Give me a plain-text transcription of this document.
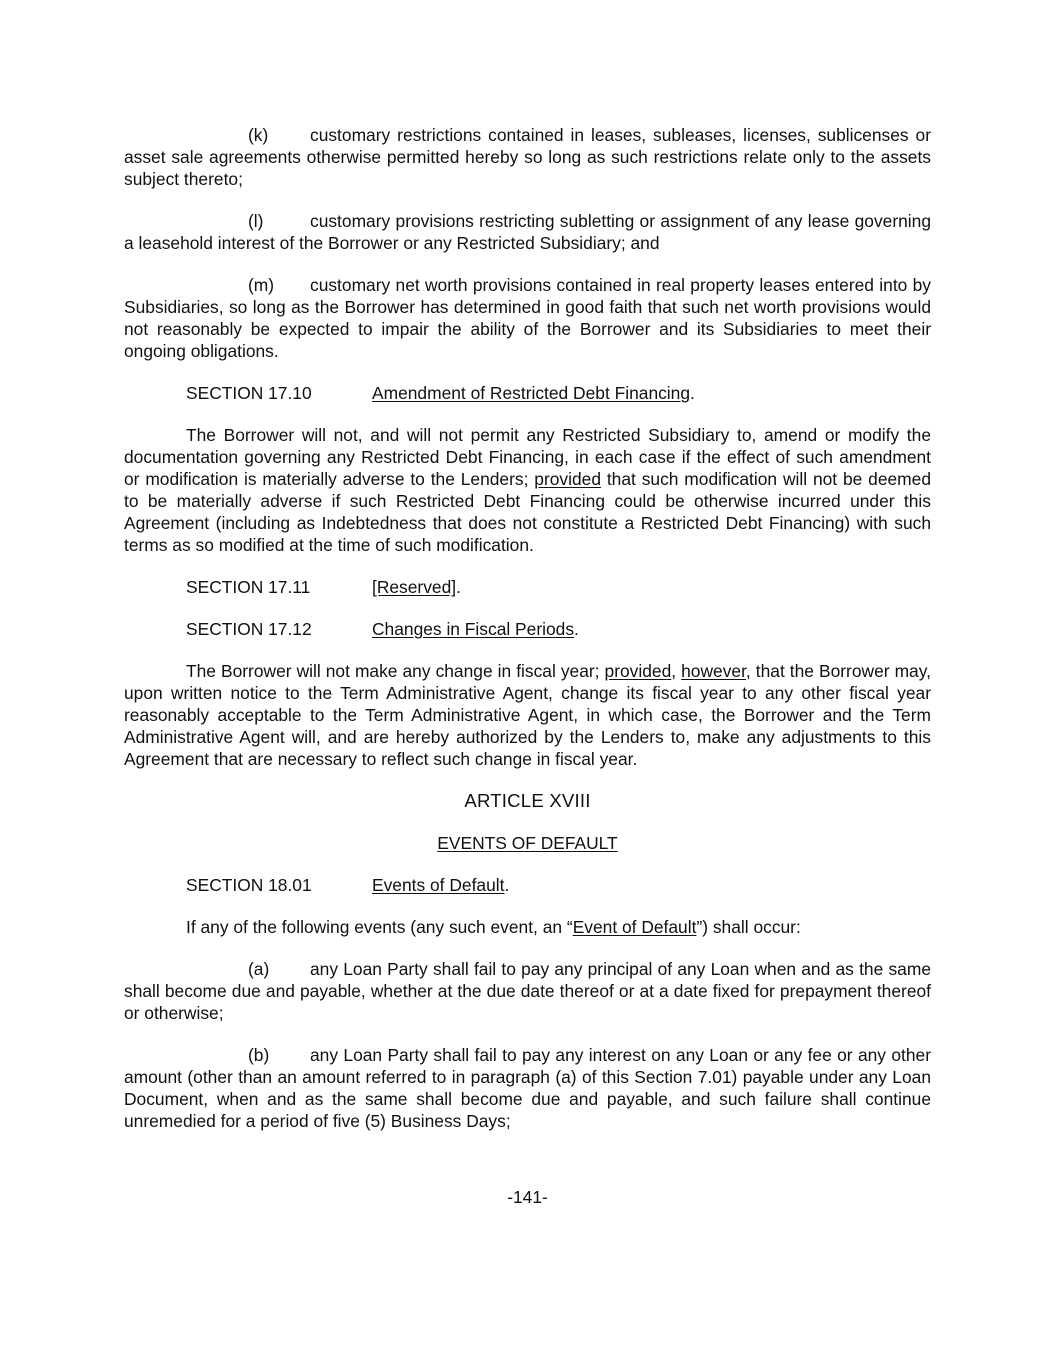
(k) customary restrictions contained in leases, subleases, licenses, sublicenses or asset sale agreements otherwise permitted hereby so long as such restrictions relate only to the assets subject thereto;

(l)	customary provisions restricting subletting or assignment of any lease governing a leasehold interest of the Borrower or any Restricted Subsidiary; and

(m) customary net worth provisions contained in real property leases entered into by Subsidiaries, so long as the Borrower has determined in good faith that such net worth provisions would not reasonably be expected to impair the ability of the Borrower and its Subsidiaries to meet their ongoing obligations.

SECTION 17.10	Amendment of Restricted Debt Financing.

The Borrower will not, and will not permit any Restricted Subsidiary to, amend or modify the documentation governing any Restricted Debt Financing, in each case if the effect of such amendment or modification is materially adverse to the Lenders; provided that such modification will not be deemed to be materially adverse if such Restricted Debt Financing could be otherwise incurred under this Agreement (including as Indebtedness that does not constitute a Restricted Debt Financing) with such terms as so modified at the time of such modification.

SECTION 17.11	[Reserved].

SECTION 17.12	Changes in Fiscal Periods.

The Borrower will not make any change in fiscal year; provided, however, that the Borrower may, upon written notice to the Term Administrative Agent, change its fiscal year to any other fiscal year reasonably acceptable to the Term Administrative Agent, in which case, the Borrower and the Term Administrative Agent will, and are hereby authorized by the Lenders to, make any adjustments to this Agreement that are necessary to reflect such change in fiscal year.

ARTICLE XVIII

EVENTS OF DEFAULT

SECTION 18.01	Events of Default.

If any of the following events (any such event, an “Event of Default”) shall occur:

(a) any Loan Party shall fail to pay any principal of any Loan when and as the same shall become due and payable, whether at the due date thereof or at a date fixed for prepayment thereof or otherwise;

(b) any Loan Party shall fail to pay any interest on any Loan or any fee or any other amount (other than an amount referred to in paragraph (a) of this Section 7.01) payable under any Loan Document, when and as the same shall become due and payable, and such failure shall continue unremedied for a period of five (5) Business Days;

-141-
